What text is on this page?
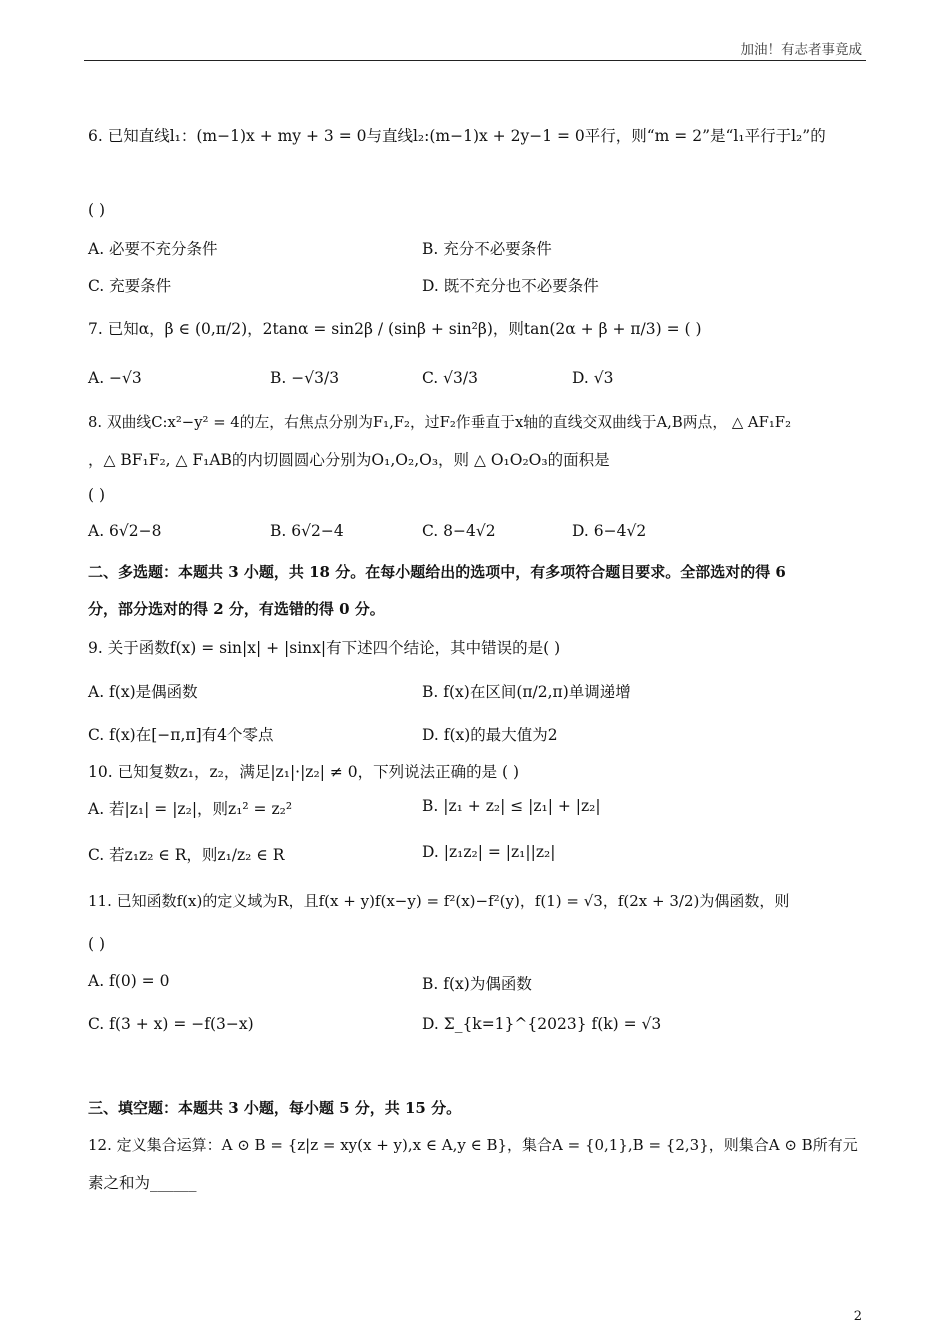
加油！有志者事竟成
6. 已知直线l₁：(m−1)x + my + 3 = 0与直线l₂:(m−1)x + 2y−1 = 0平行，则“m = 2”是“l₁平行于l₂”的
( )
A. 必要不充分条件	B. 充分不必要条件
C. 充要条件	D. 既不充分也不必要条件
7. 已知α，β ∈ (0,π/2)，2tanα = sin2β / (sinβ + sin²β)，则tan(2α + β + π/3) = ( )
A. −√3	B. −√3/3	C. √3/3	D. √3
8. 双曲线C:x²−y² = 4的左，右焦点分别为F₁,F₂，过F₂作垂直于x轴的直线交双曲线于A,B两点， △ AF₁F₂
，△ BF₁F₂, △ F₁AB的内切圆圆心分别为O₁,O₂,O₃，则 △ O₁O₂O₃的面积是
( )
A. 6√2−8	B. 6√2−4	C. 8−4√2	D. 6−4√2
二、多选题：本题共 3 小题，共 18 分。在每小题给出的选项中，有多项符合题目要求。全部选对的得 6
分，部分选对的得 2 分，有选错的得 0 分。
9. 关于函数f(x) = sin|x| + |sinx|有下述四个结论，其中错误的是( )
A. f(x)是偶函数	B. f(x)在区间(π/2,π)单调递增
C. f(x)在[−π,π]有4个零点	D. f(x)的最大值为2
10. 已知复数z₁，z₂，满足|z₁|·|z₂| ≠ 0，下列说法正确的是 ( )
A. 若|z₁| = |z₂|，则z₁² = z₂²	B. |z₁ + z₂| ≤ |z₁| + |z₂|
C. 若z₁z₂ ∈ R，则z₁/z₂ ∈ R	D. |z₁z₂| = |z₁||z₂|
11. 已知函数f(x)的定义域为R，且f(x + y)f(x−y) = f²(x)−f²(y)，f(1) = √3，f(2x + 3/2)为偶函数，则
( )
A. f(0) = 0	B. f(x)为偶函数
C. f(3 + x) = −f(3−x)	D. Σ_{k=1}^{2023} f(k) = √3
三、填空题：本题共 3 小题，每小题 5 分，共 15 分。
12. 定义集合运算：A ⊙ B = {z|z = xy(x + y),x ∈ A,y ∈ B}，集合A = {0,1},B = {2,3}，则集合A ⊙ B所有元
素之和为______
2
